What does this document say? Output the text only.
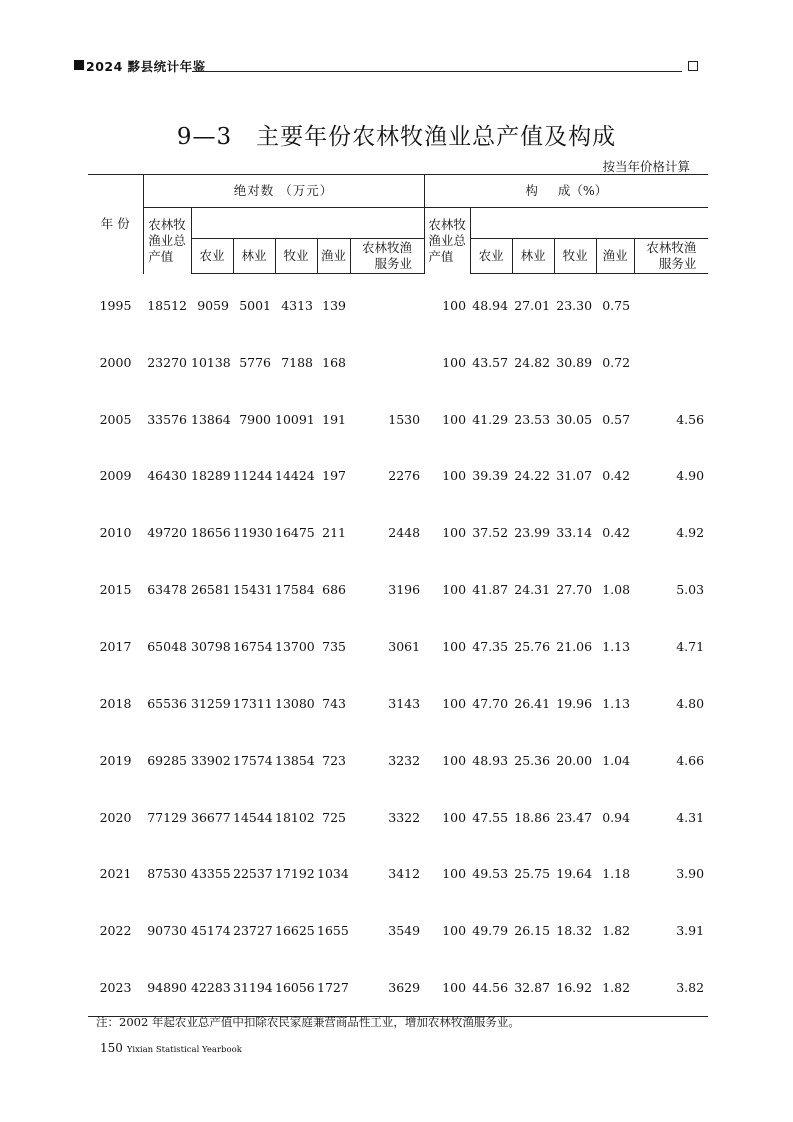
2024 黟县统计年鉴
9—3　主要年份农林牧渔业总产值及构成
按当年价格计算
年 份	绝对数 （万元）						构 成（%）					

	农林牧渔业总产值						农林牧渔业总产值					

		农业	林业	牧业	渔业	农林牧渔服务业		农业	林业	牧业	渔业	农林牧渔服务业

1995	18512	9059	5001	4313	139		100	48.94	27.01	23.30	0.75	
2000	23270	10138	5776	7188	168		100	43.57	24.82	30.89	0.72	
2005	33576	13864	7900	10091	191	1530	100	41.29	23.53	30.05	0.57	4.56
2009	46430	18289	11244	14424	197	2276	100	39.39	24.22	31.07	0.42	4.90
2010	49720	18656	11930	16475	211	2448	100	37.52	23.99	33.14	0.42	4.92
2015	63478	26581	15431	17584	686	3196	100	41.87	24.31	27.70	1.08	5.03
2017	65048	30798	16754	13700	735	3061	100	47.35	25.76	21.06	1.13	4.71
2018	65536	31259	17311	13080	743	3143	100	47.70	26.41	19.96	1.13	4.80
2019	69285	33902	17574	13854	723	3232	100	48.93	25.36	20.00	1.04	4.66
2020	77129	36677	14544	18102	725	3322	100	47.55	18.86	23.47	0.94	4.31
2021	87530	43355	22537	17192	1034	3412	100	49.53	25.75	19.64	1.18	3.90
2022	90730	45174	23727	16625	1655	3549	100	49.79	26.15	18.32	1.82	3.91
2023	94890	42283	31194	16056	1727	3629	100	44.56	32.87	16.92	1.82	3.82
注：2002 年起农业总产值中扣除农民家庭兼营商品性工业，增加农林牧渔服务业。
150 Yixian Statistical Yearbook
